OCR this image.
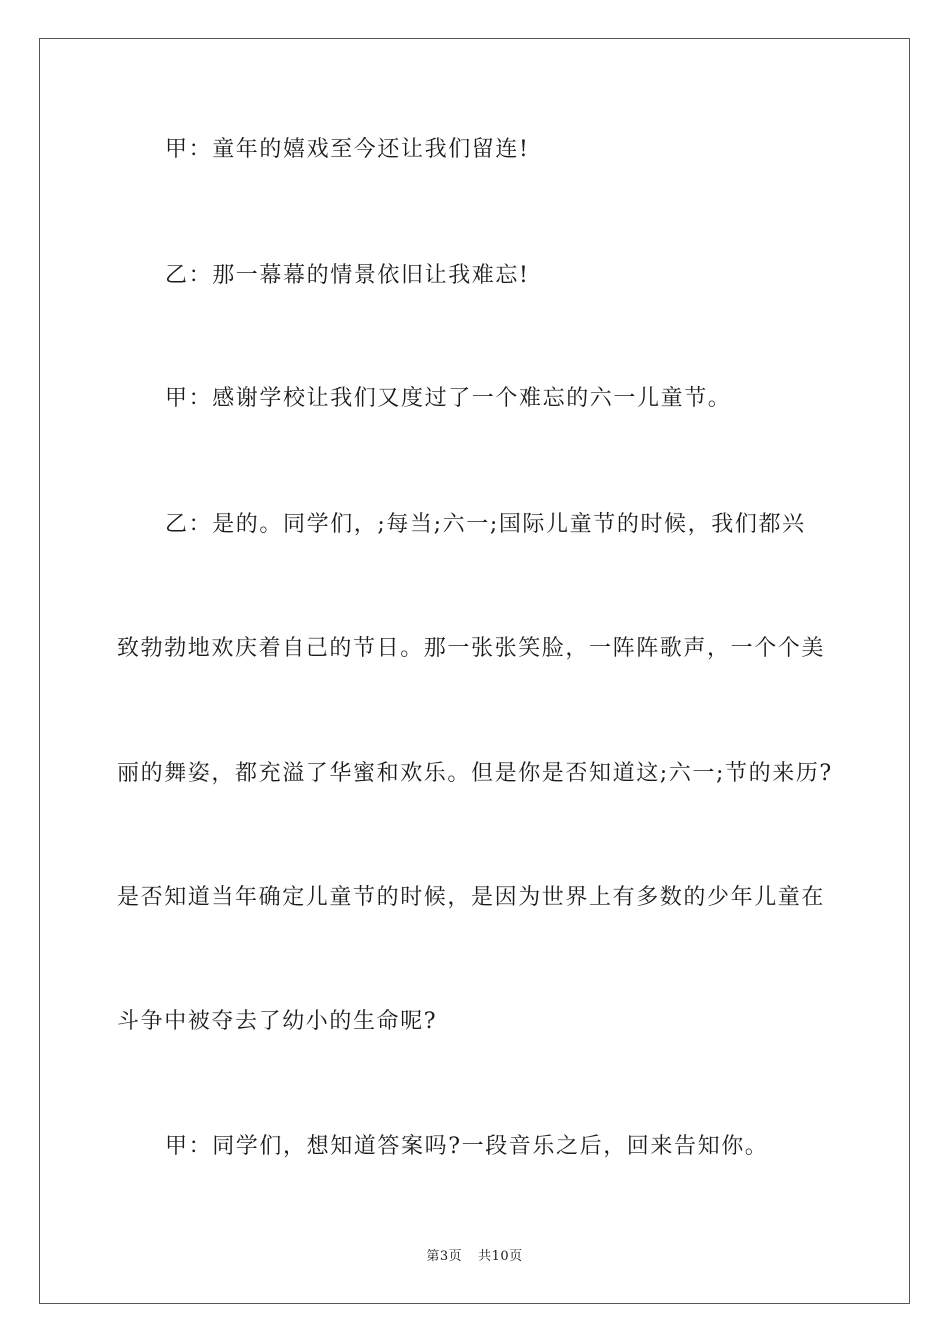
甲：童年的嬉戏至今还让我们留连!
乙：那一幕幕的情景依旧让我难忘!
甲：感谢学校让我们又度过了一个难忘的六一儿童节。
乙：是的。同学们，;每当;六一;国际儿童节的时候，我们都兴
致勃勃地欢庆着自己的节日。那一张张笑脸，一阵阵歌声，一个个美
丽的舞姿，都充溢了华蜜和欢乐。但是你是否知道这;六一;节的来历?
是否知道当年确定儿童节的时候，是因为世界上有多数的少年儿童在
斗争中被夺去了幼小的生命呢?
甲：同学们，想知道答案吗?一段音乐之后，回来告知你。
第3页 共10页
